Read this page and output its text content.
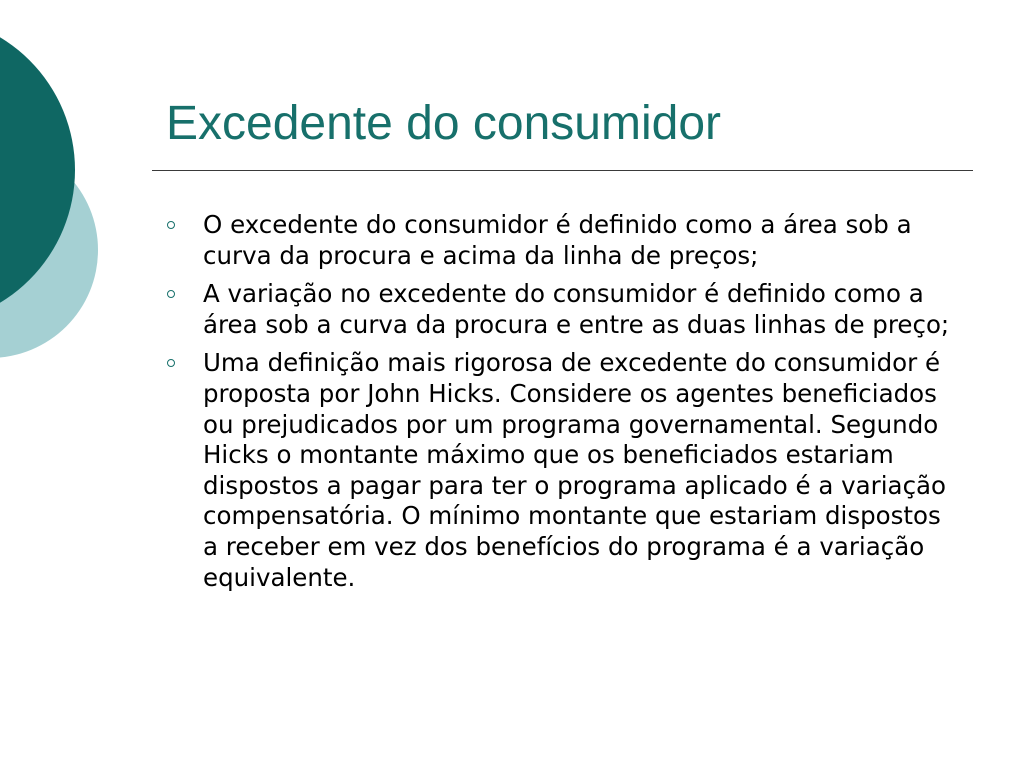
Excedente do consumidor
O excedente do consumidor é definido como a área sob a curva da procura e acima da linha de preços;
A variação no excedente do consumidor é definido como a área sob a curva da procura e entre as duas linhas de preço;
Uma definição mais rigorosa de excedente do consumidor é proposta por John Hicks. Considere os agentes beneficiados ou prejudicados por um programa governamental. Segundo Hicks o montante máximo que os beneficiados estariam dispostos a pagar para ter o programa aplicado é a variação compensatória. O mínimo montante que estariam dispostos a receber em vez dos benefícios do programa é a variação equivalente.
